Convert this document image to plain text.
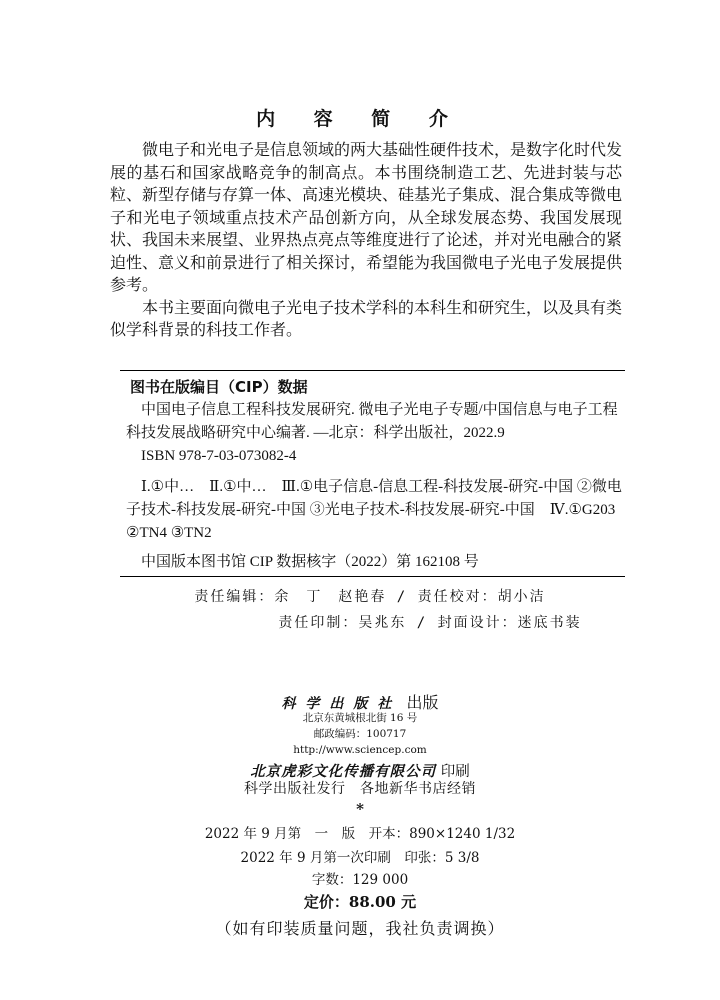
内 容 简 介

微电子和光电子是信息领域的两大基础性硬件技术，是数字化时代发展的基石和国家战略竞争的制高点。本书围绕制造工艺、先进封装与芯粒、新型存储与存算一体、高速光模块、硅基光子集成、混合集成等微电子和光电子领域重点技术产品创新方向，从全球发展态势、我国发展现状、我国未来展望、业界热点亮点等维度进行了论述，并对光电融合的紧迫性、意义和前景进行了相关探讨，希望能为我国微电子光电子发展提供参考。

本书主要面向微电子光电子技术学科的本科生和研究生，以及具有类似学科背景的科技工作者。

图书在版编目（CIP）数据

中国电子信息工程科技发展研究. 微电子光电子专题/中国信息与电子工程科技发展战略研究中心编著. —北京：科学出版社，2022.9

ISBN 978-7-03-073082-4

Ⅰ.①中…　Ⅱ.①中…　Ⅲ.①电子信息-信息工程-科技发展-研究-中国 ②微电子技术-科技发展-研究-中国 ③光电子技术-科技发展-研究-中国　Ⅳ.①G203 ②TN4 ③TN2

中国版本图书馆 CIP 数据核字（2022）第 162108 号

责任编辑：余　丁　赵艳春 / 责任校对：胡小洁
责任印制：吴兆东 / 封面设计：迷底书装
科学出版社 出版
北京东黄城根北街 16 号
邮政编码：100717
http://www.sciencep.com
北京虎彩文化传播有限公司 印刷
科学出版社发行　各地新华书店经销
*
2022 年 9 月第　一　版　开本：890×1240 1/32
2022 年 9 月第一次印刷　印张：5 3/8
字数：129 000
定价：88.00 元
（如有印装质量问题，我社负责调换）
